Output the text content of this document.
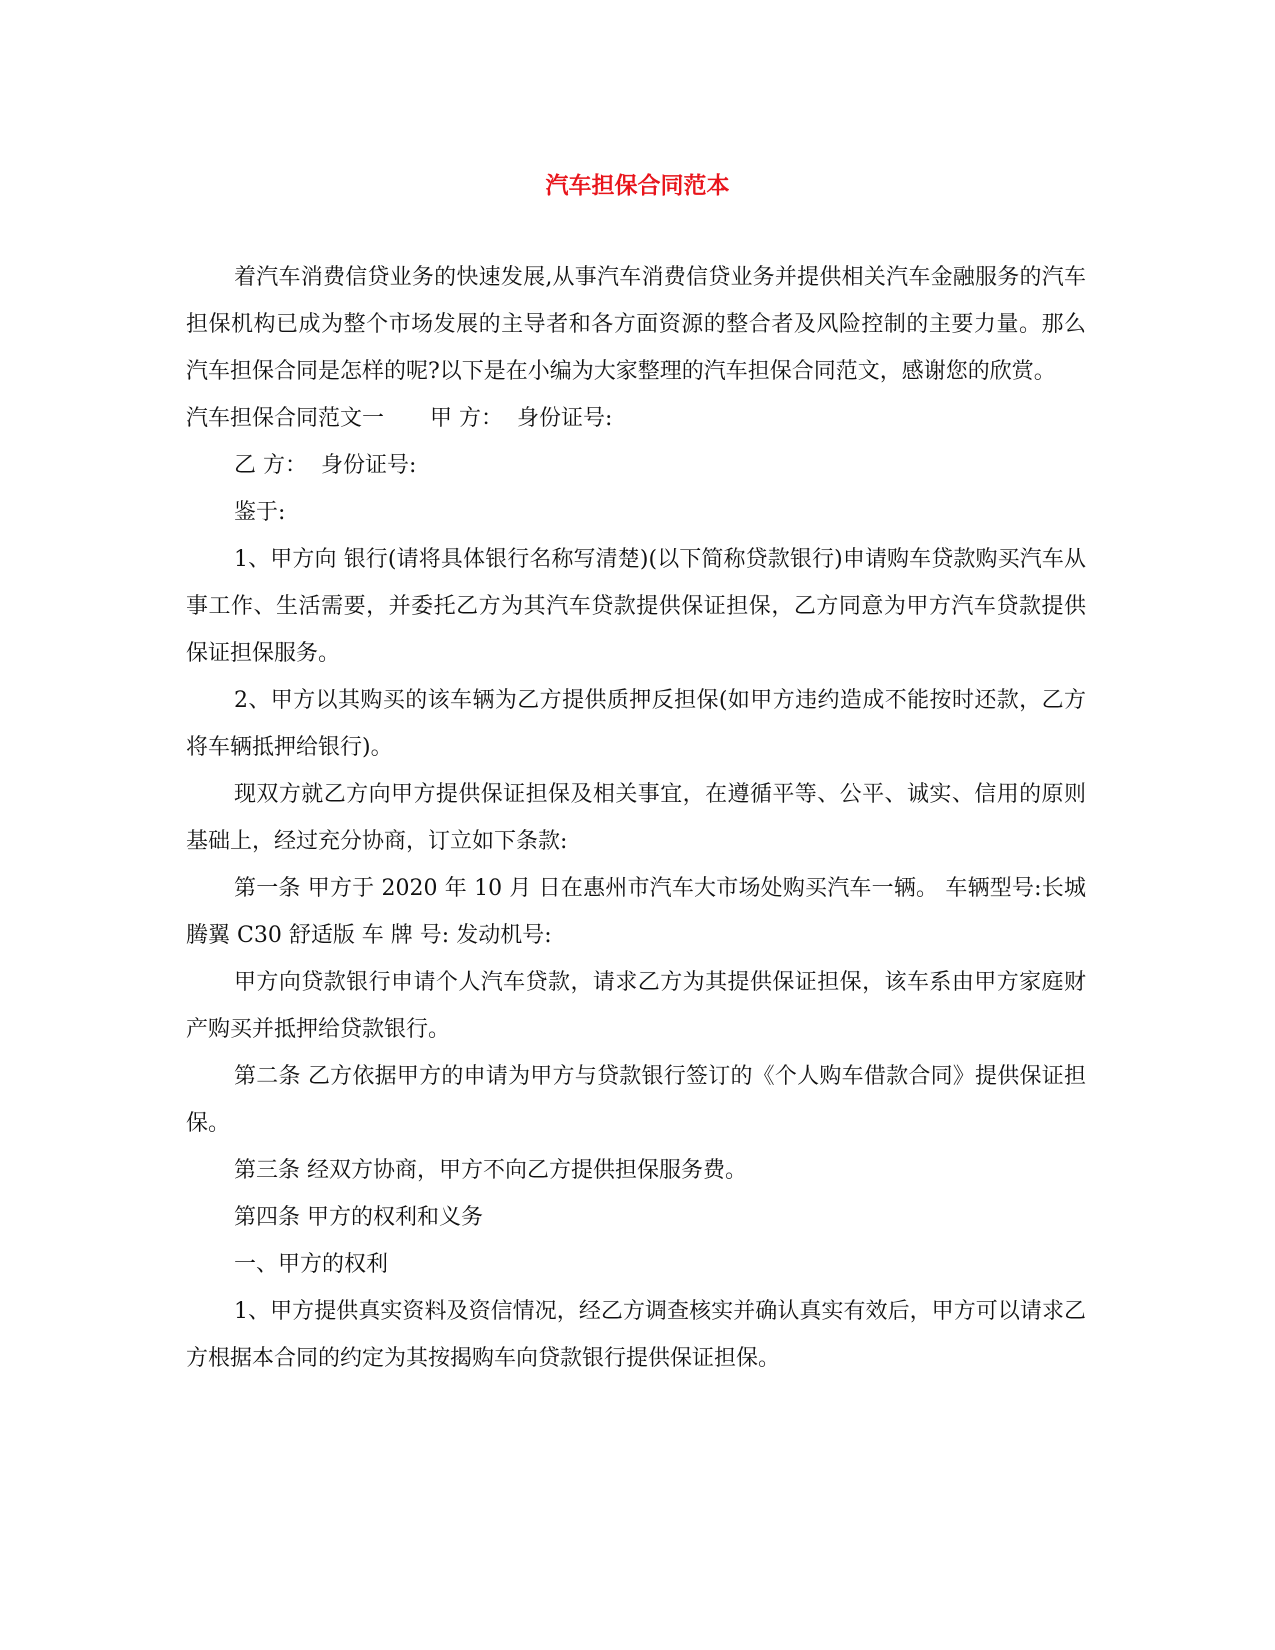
汽车担保合同范本

着汽车消费信贷业务的快速发展,从事汽车消费信贷业务并提供相关汽车金融服务的汽车担保机构已成为整个市场发展的主导者和各方面资源的整合者及风险控制的主要力量。那么汽车担保合同是怎样的呢?以下是在小编为大家整理的汽车担保合同范文，感谢您的欣赏。

汽车担保合同范文一 甲 方： 身份证号:

乙 方： 身份证号:

鉴于:

1、甲方向 银行(请将具体银行名称写清楚)(以下简称贷款银行)申请购车贷款购买汽车从事工作、生活需要，并委托乙方为其汽车贷款提供保证担保，乙方同意为甲方汽车贷款提供保证担保服务。

2、甲方以其购买的该车辆为乙方提供质押反担保(如甲方违约造成不能按时还款，乙方将车辆抵押给银行)。

现双方就乙方向甲方提供保证担保及相关事宜，在遵循平等、公平、诚实、信用的原则基础上，经过充分协商，订立如下条款:

第一条 甲方于 2020 年 10 月 日在惠州市汽车大市场处购买汽车一辆。 车辆型号:长城腾翼 C30 舒适版 车 牌 号: 发动机号:

甲方向贷款银行申请个人汽车贷款，请求乙方为其提供保证担保，该车系由甲方家庭财产购买并抵押给贷款银行。

第二条 乙方依据甲方的申请为甲方与贷款银行签订的《个人购车借款合同》提供保证担保。

第三条 经双方协商，甲方不向乙方提供担保服务费。

第四条 甲方的权利和义务

一、甲方的权利

1、甲方提供真实资料及资信情况，经乙方调查核实并确认真实有效后，甲方可以请求乙方根据本合同的约定为其按揭购车向贷款银行提供保证担保。
